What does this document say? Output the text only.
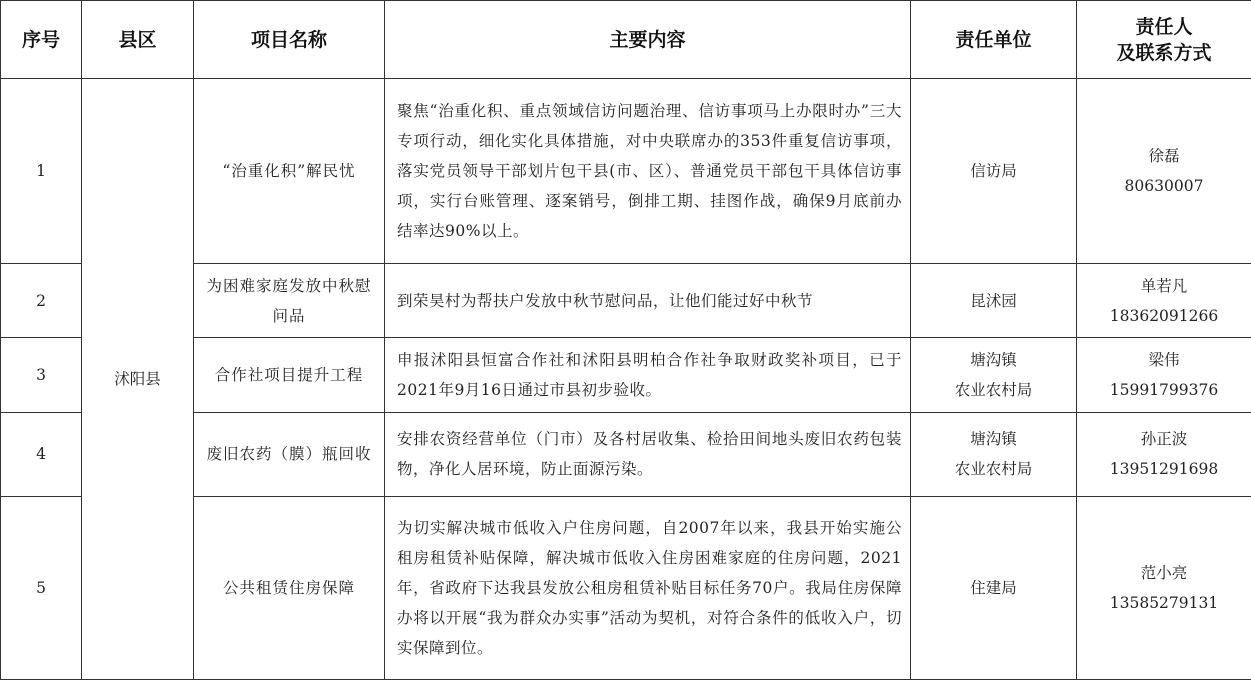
序号	县区	项目名称	主要内容	责任单位	责任人
及联系方式

1	沭阳县	“治重化积”解民忧	聚焦“治重化积、重点领域信访问题治理、信访事项马上办限时办”三大专项行动，细化实化具体措施，对中央联席办的353件重复信访事项，落实党员领导干部划片包干县(市、区）、普通党员干部包干具体信访事项，实行台账管理、逐案销号，倒排工期、挂图作战，确保9月底前办结率达90%以上。	信访局	徐磊
80630007

2		为困难家庭发放中秋慰问品	到荣昊村为帮扶户发放中秋节慰问品，让他们能过好中秋节	昆沭园	单若凡
18362091266

3		合作社项目提升工程	申报沭阳县恒富合作社和沭阳县明柏合作社争取财政奖补项目，已于2021年9月16日通过市县初步验收。	塘沟镇
农业农村局	梁伟
15991799376

4		废旧农药（膜）瓶回收	安排农资经营单位（门市）及各村居收集、检拾田间地头废旧农药包装物，净化人居环境，防止面源污染。	塘沟镇
农业农村局	孙正波
13951291698

5		公共租赁住房保障	为切实解决城市低收入户住房问题，自2007年以来，我县开始实施公租房租赁补贴保障，解决城市低收入住房困难家庭的住房问题，2021年，省政府下达我县发放公租房租赁补贴目标任务70户。我局住房保障办将以开展“我为群众办实事”活动为契机，对符合条件的低收入户，切实保障到位。	住建局	范小亮
13585279131
